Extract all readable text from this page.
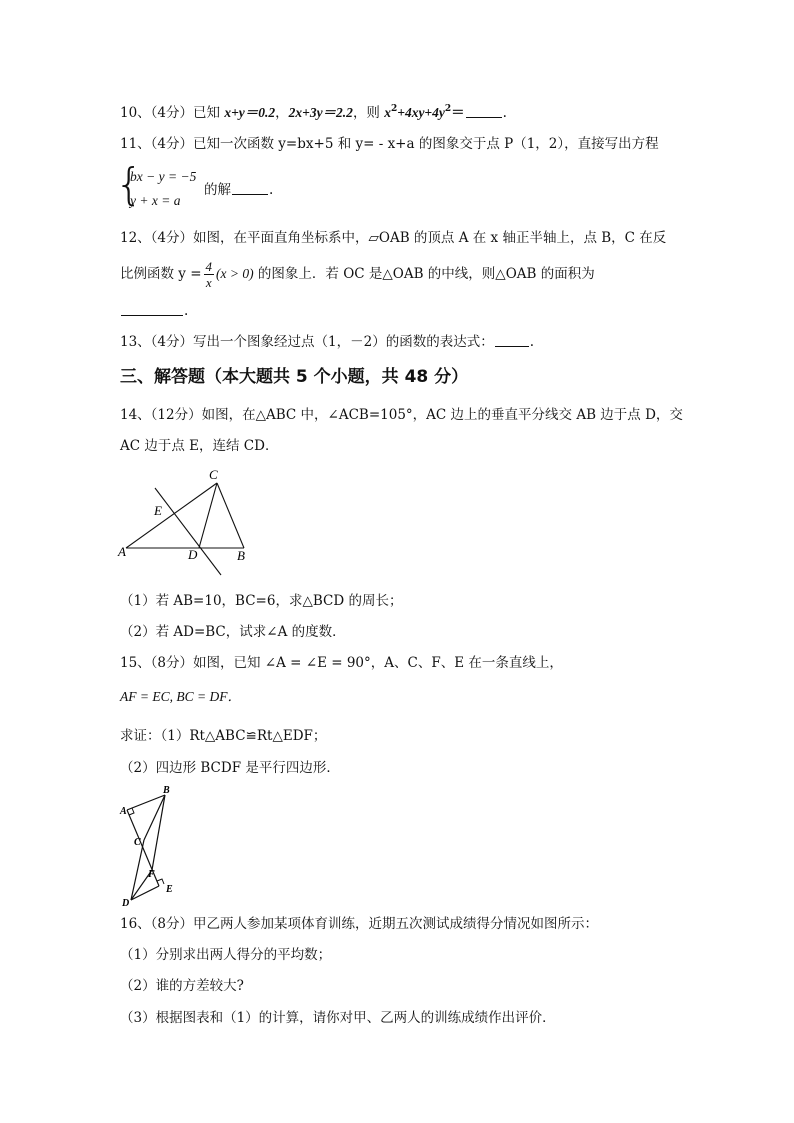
10、（4分）已知 x+y＝0.2，2x+3y＝2.2，则 $x^2+4xy+4y^2=$	.
11、（4分）已知一次函数 y=bx+5 和 y= - x+a 的图象交于点 P（1，2），直接写出方程
{
bx − y = −5
y + x = a
的解	.
12、（4分）如图，在平面直角坐标系中，▱OAB 的顶点 A 在 x 轴正半轴上，点 B，C 在反
比例函数 $y = \frac{4}{x} (x > 0)$ 的图象上．若 OC 是△OAB 的中线，则△OAB 的面积为
.
13、（4分）写出一个图象经过点（1，－2）的函数的表达式：	.
三、解答题（本大题共 5 个小题，共 48 分）
14、（12分）如图，在△ABC 中，∠ACB=105°，AC 边上的垂直平分线交 AB 边于点 D，交
AC 边于点 E，连结 CD．
C
E
A	D	B
（1）若 AB=10，BC=6，求△BCD 的周长；
（2）若 AD=BC，试求∠A 的度数．
15、（8分）如图，已知 ∠A = ∠E = 90°，A、C、F、E 在一条直线上，
AF = EC, BC = DF．
求证：（1）Rt△ABC≌Rt△EDF；
（2）四边形 BCDF 是平行四边形．
A
B
C
F
E
D
16、（8分）甲乙两人参加某项体育训练，近期五次测试成绩得分情况如图所示：
（1）分别求出两人得分的平均数；
（2）谁的方差较大?
（3）根据图表和（1）的计算，请你对甲、乙两人的训练成绩作出评价．
